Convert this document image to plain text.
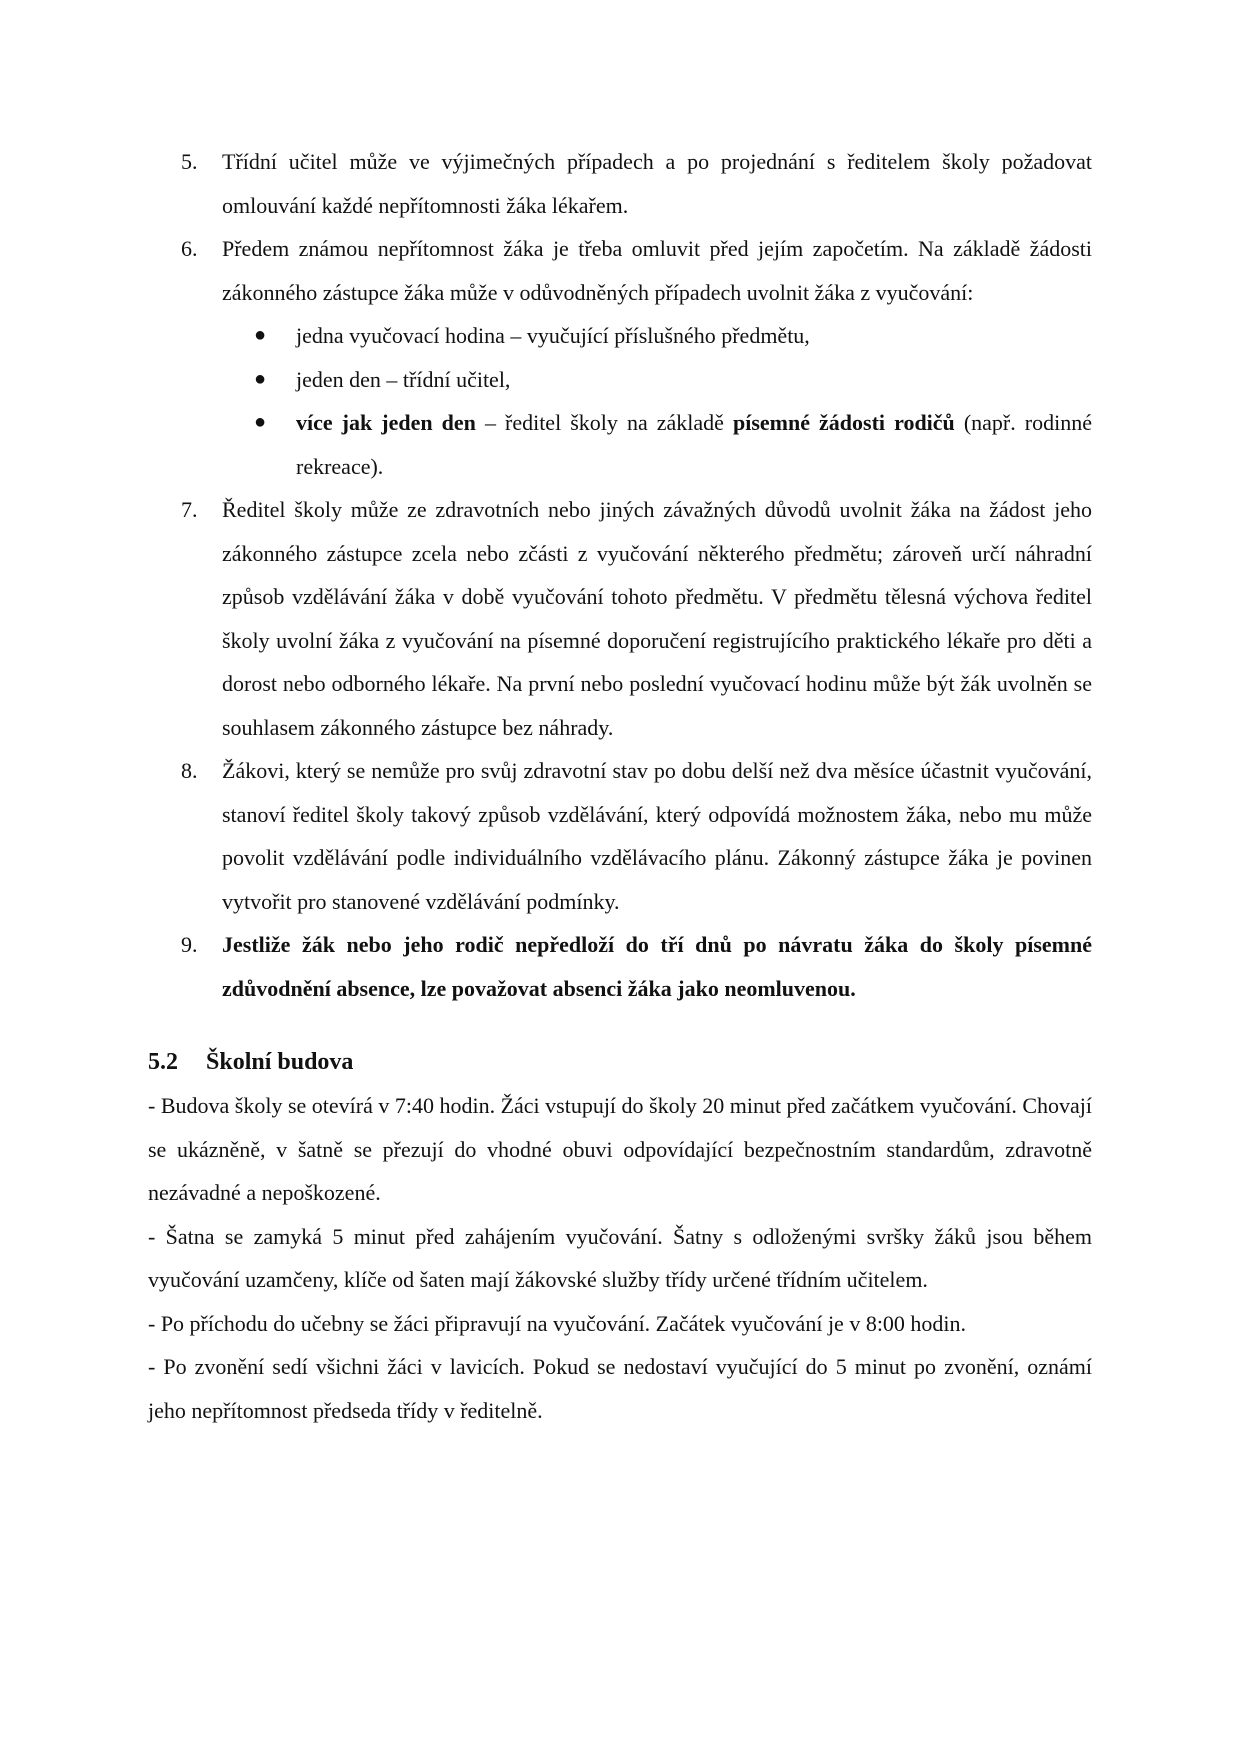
5. Třídní učitel může ve výjimečných případech a po projednání s ředitelem školy požadovat omlouvání každé nepřítomnosti žáka lékařem.
6. Předem známou nepřítomnost žáka je třeba omluvit před jejím započetím. Na základě žádosti zákonného zástupce žáka může v odůvodněných případech uvolnit žáka z vyučování:
● jedna vyučovací hodina – vyučující příslušného předmětu,
● jeden den – třídní učitel,
● více jak jeden den – ředitel školy na základě písemné žádosti rodičů (např. rodinné rekreace).
7. Ředitel školy může ze zdravotních nebo jiných závažných důvodů uvolnit žáka na žádost jeho zákonného zástupce zcela nebo zčásti z vyučování některého předmětu; zároveň určí náhradní způsob vzdělávání žáka v době vyučování tohoto předmětu. V předmětu tělesná výchova ředitel školy uvolní žáka z vyučování na písemné doporučení registrujícího praktického lékaře pro děti a dorost nebo odborného lékaře. Na první nebo poslední vyučovací hodinu může být žák uvolněn se souhlasem zákonného zástupce bez náhrady.
8. Žákovi, který se nemůže pro svůj zdravotní stav po dobu delší než dva měsíce účastnit vyučování, stanoví ředitel školy takový způsob vzdělávání, který odpovídá možnostem žáka, nebo mu může povolit vzdělávání podle individuálního vzdělávacího plánu. Zákonný zástupce žáka je povinen vytvořit pro stanovené vzdělávání podmínky.
9. Jestliže žák nebo jeho rodič nepředloží do tří dnů po návratu žáka do školy písemné zdůvodnění absence, lze považovat absenci žáka jako neomluvenou.
5.2 Školní budova

- Budova školy se otevírá v 7:40 hodin. Žáci vstupují do školy 20 minut před začátkem vyučování. Chovají se ukázněně, v šatně se přezují do vhodné obuvi odpovídající bezpečnostním standardům, zdravotně nezávadné a nepoškozené.

- Šatna se zamyká 5 minut před zahájením vyučování. Šatny s odloženými svršky žáků jsou během vyučování uzamčeny, klíče od šaten mají žákovské služby třídy určené třídním učitelem.

- Po příchodu do učebny se žáci připravují na vyučování. Začátek vyučování je v 8:00 hodin.

- Po zvonění sedí všichni žáci v lavicích. Pokud se nedostaví vyučující do 5 minut po zvonění, oznámí jeho nepřítomnost předseda třídy v ředitelně.
